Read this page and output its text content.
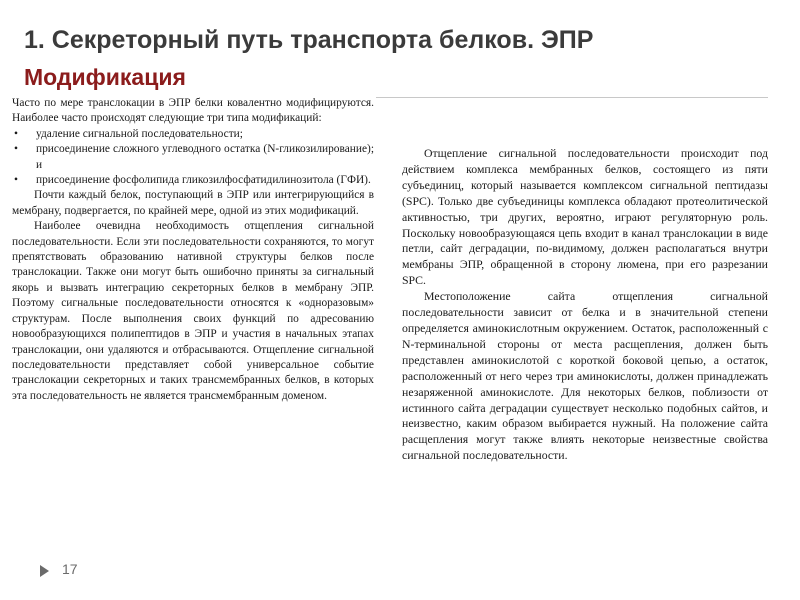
1. Секреторный путь транспорта белков. ЭПР
Модификация

Часто по мере транслокации в ЭПР белки ковалентно модифицируются. Наиболее часто происходят следующие три типа модификаций:

• удаление сигнальной последовательности;
• присоединение сложного углеводного остатка (N-гликозилирование); и
• присоединение фосфолипида гликозилфосфатидилинозитола (ГФИ).

Почти каждый белок, поступающий в ЭПР или интегрирующийся в мембрану, подвергается, по крайней мере, одной из этих модификаций.

Наиболее очевидна необходимость отщепления сигнальной последовательности. Если эти последовательности сохраняются, то могут препятствовать образованию нативной структуры белков после транслокации. Также они могут быть ошибочно приняты за сигнальный якорь и вызвать интеграцию секреторных белков в мембрану ЭПР. Поэтому сигнальные последовательности относятся к «одноразовым» структурам. После выполнения своих функций по адресованию новообразующихся полипептидов в ЭПР и участия в начальных этапах транслокации, они удаляются и отбрасываются. Отщепление сигнальной последовательности представляет собой универсальное событие транслокации секреторных и таких трансмембранных белков, в которых эта последовательность не является трансмембранным доменом.

Отщепление сигнальной последовательности происходит под действием комплекса мембранных белков, состоящего из пяти субъединиц, который называется комплексом сигнальной пептидазы (SPC). Только две субъединицы комплекса обладают протеолитической активностью, три других, вероятно, играют регуляторную роль. Поскольку новообразующаяся цепь входит в канал транслокации в виде петли, сайт деградации, по-видимому, должен располагаться внутри мембраны ЭПР, обращенной в сторону люмена, при его разрезании SPC.

Местоположение сайта отщепления сигнальной последовательности зависит от белка и в значительной степени определяется аминокислотным окружением. Остаток, расположенный с N-терминальной стороны от места расщепления, должен быть представлен аминокислотой с короткой боковой цепью, а остаток, расположенный от него через три аминокислоты, должен принадлежать незаряженной аминокислоте. Для некоторых белков, поблизости от истинного сайта деградации существует несколько подобных сайтов, и неизвестно, каким образом выбирается нужный. На положение сайта расщепления могут также влиять некоторые неизвестные свойства сигнальной последовательности.

17
